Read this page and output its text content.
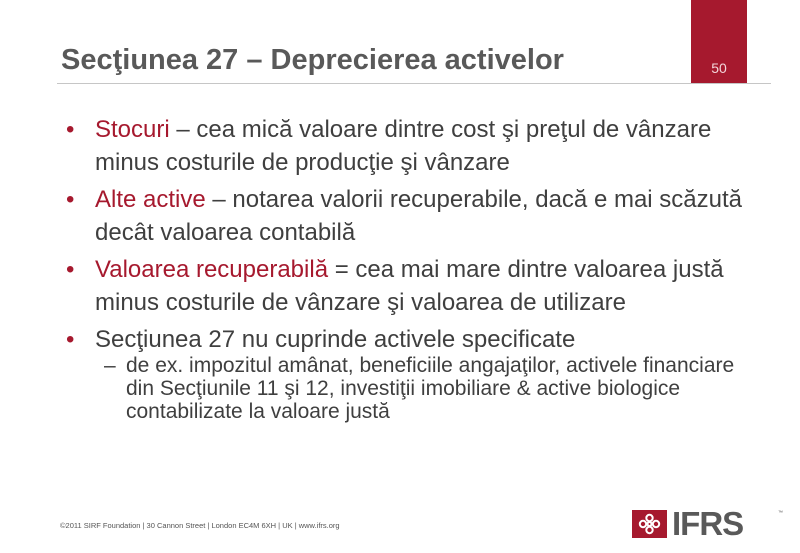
50
Secţiunea 27 – Deprecierea activelor
• Stocuri – cea mică valoare dintre cost şi preţul de vânzare minus costurile de producţie şi vânzare
• Alte active – notarea valorii recuperabile, dacă e mai scăzută decât valoarea contabilă
• Valoarea recuperabilă = cea mai mare dintre valoarea justă minus costurile de vânzare şi valoarea de utilizare
• Secţiunea 27 nu cuprinde activele specificate
– de ex. impozitul amânat, beneficiile angajaţilor, activele financiare din Secţiunile 11 şi 12, investiţii imobiliare & active biologice contabilizate la valoare justă
©2011 SIRF Foundation | 30 Cannon Street | London EC4M 6XH | UK | www.ifrs.org	IFRS	™
